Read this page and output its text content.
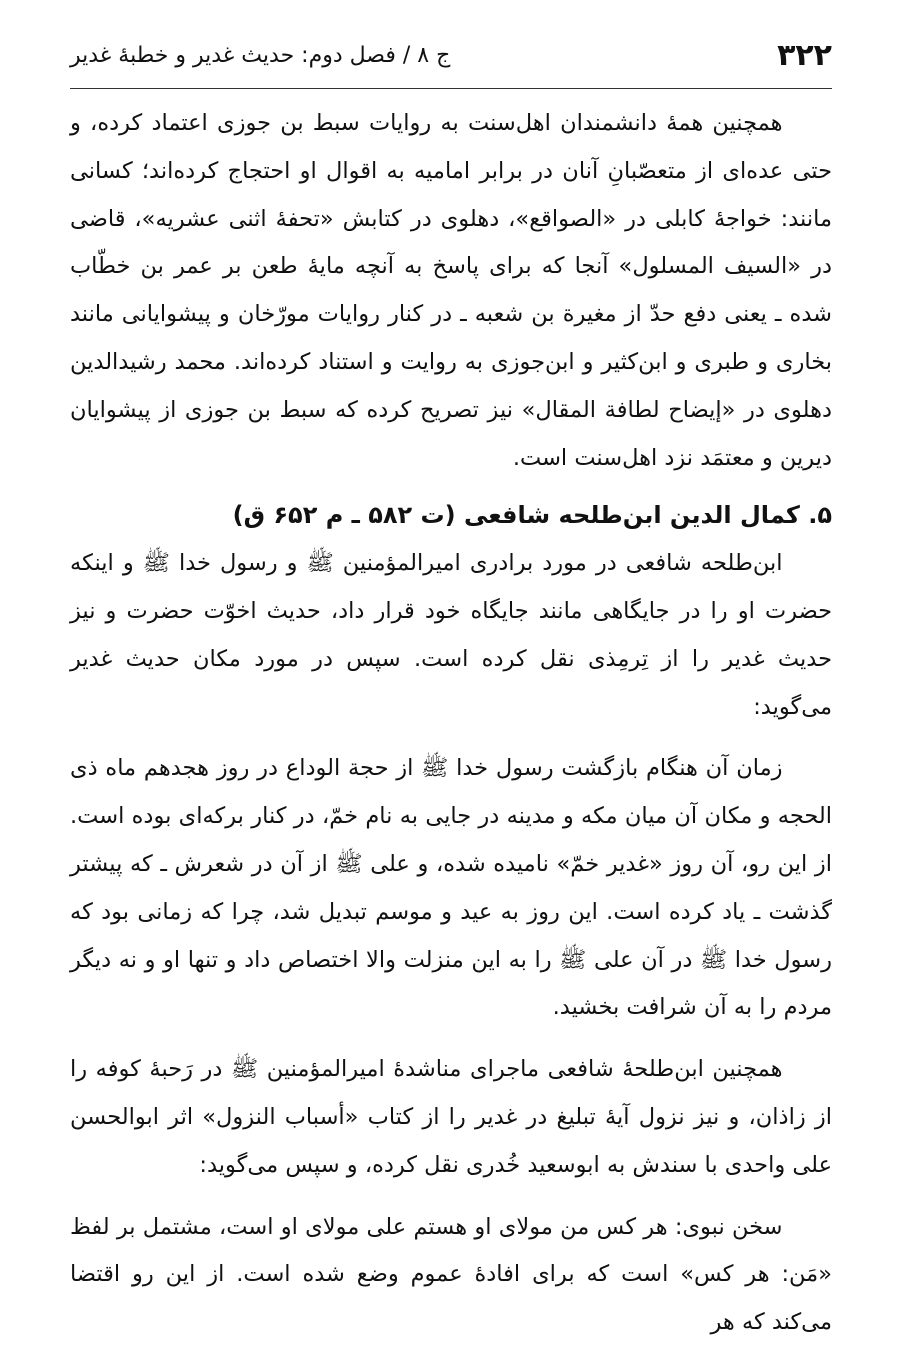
۳۲۲
ج ۸ / فصل دوم: حدیث غدیر و خطبهٔ غدیر

همچنین همهٔ دانشمندان اهل‌سنت به روایات سبط بن جوزی اعتماد کرده، و حتی عده‌ای از متعصّبانِ آنان در برابر امامیه به اقوال او احتجاج کرده‌اند؛ کسانی مانند: خواجهٔ کابلی در «الصواقع»، دهلوی در کتابش «تحفهٔ اثنی عشریه»، قاضی در «السیف المسلول» آنجا که برای پاسخ به آنچه مایهٔ طعن بر عمر بن خطّاب شده ـ یعنی دفع حدّ از مغیرة بن شعبه ـ در کنار روایات مورّخان و پیشوایانی مانند بخاری و طبری و ابن‌کثیر و ابن‌جوزی به روایت و استناد کرده‌اند. محمد رشیدالدین دهلوی در «إیضاح لطافة المقال» نیز تصریح کرده که سبط بن جوزی از پیشوایان دیرین و معتمَد نزد اهل‌سنت است.

۵. کمال الدین ابن‌طلحه شافعی (ت ۵۸۲ ـ م ۶۵۲ ق)

ابن‌طلحه شافعی در مورد برادری امیرالمؤمنین ﷺ و رسول خدا ﷺ و اینکه حضرت او را در جایگاهی مانند جایگاه خود قرار داد، حدیث اخوّت حضرت و نیز حدیث غدیر را از تِرمِذی نقل کرده است. سپس در مورد مکان حدیث غدیر می‌گوید:

زمان آن هنگام بازگشت رسول خدا ﷺ از حجة الوداع در روز هجدهم ماه ذی الحجه و مکان آن میان مکه و مدینه در جایی به نام خمّ، در کنار برکه‌ای بوده است. از این رو، آن روز «غدیر خمّ» نامیده شده، و علی ﷺ از آن در شعرش ـ که پیشتر گذشت ـ یاد کرده است. این روز به عید و موسم تبدیل شد، چرا که زمانی بود که رسول خدا ﷺ در آن علی ﷺ را به این منزلت والا اختصاص داد و تنها او و نه دیگر مردم را به آن شرافت بخشید.

همچنین ابن‌طلحهٔ شافعی ماجرای مناشدهٔ امیرالمؤمنین ﷺ در رَحبهٔ کوفه را از زاذان، و نیز نزول آیهٔ تبلیغ در غدیر را از کتاب «أسباب النزول» اثر ابوالحسن علی واحدی با سندش به ابوسعید خُدری نقل کرده، و سپس می‌گوید:

سخن نبوی: هر کس من مولای او هستم علی مولای او است، مشتمل بر لفظ «مَن: هر کس» است که برای افادهٔ عموم وضع شده است. از این رو اقتضا می‌کند که هر
